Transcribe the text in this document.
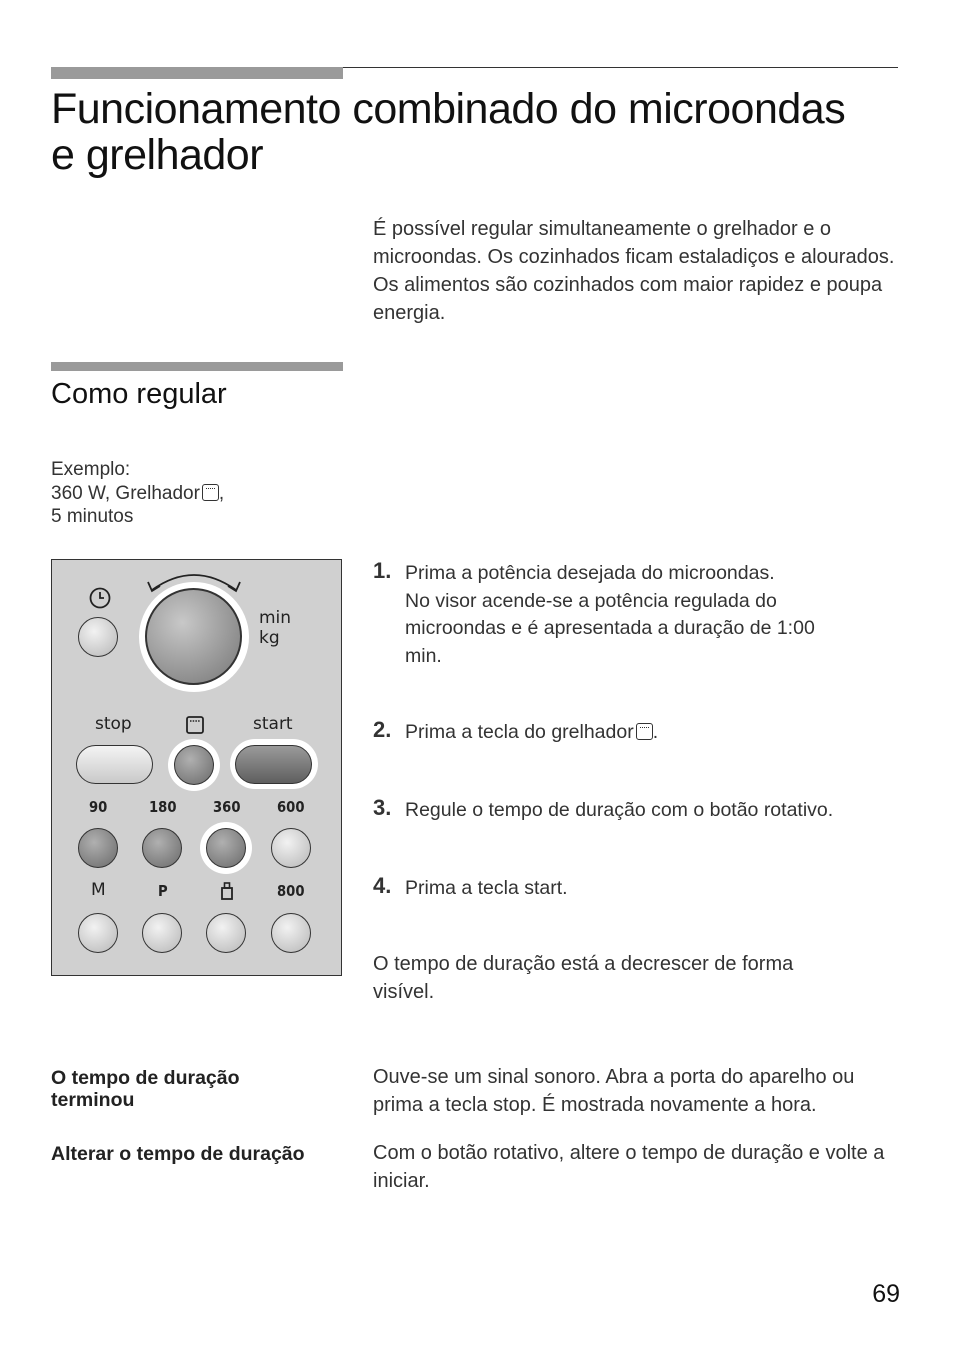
Funcionamento combinado do microondas e grelhador
É possível regular simultaneamente o grelhador e o microondas. Os cozinhados ficam estaladiços e alourados. Os alimentos são cozinhados com maior rapidez e poupa energia.
Como regular
Exemplo:
360 W, Grelhador ,
5 minutos
min
kg
stop	start
90	180 360 600
M	P	800
1. Prima a potência desejada do microondas.
No visor acende-se a potência regulada do microondas e é apresentada a duração de 1:00 min.
2. Prima a tecla do grelhador .
3. Regule o tempo de duração com o botão rotativo.
4. Prima a tecla start.
O tempo de duração está a decrescer de forma visível.
O tempo de duração terminou
Ouve-se um sinal sonoro. Abra a porta do aparelho ou prima a tecla stop. É mostrada novamente a hora.
Alterar o tempo de duração	Com o botão rotativo, altere o tempo de duração e volte a iniciar.
69
